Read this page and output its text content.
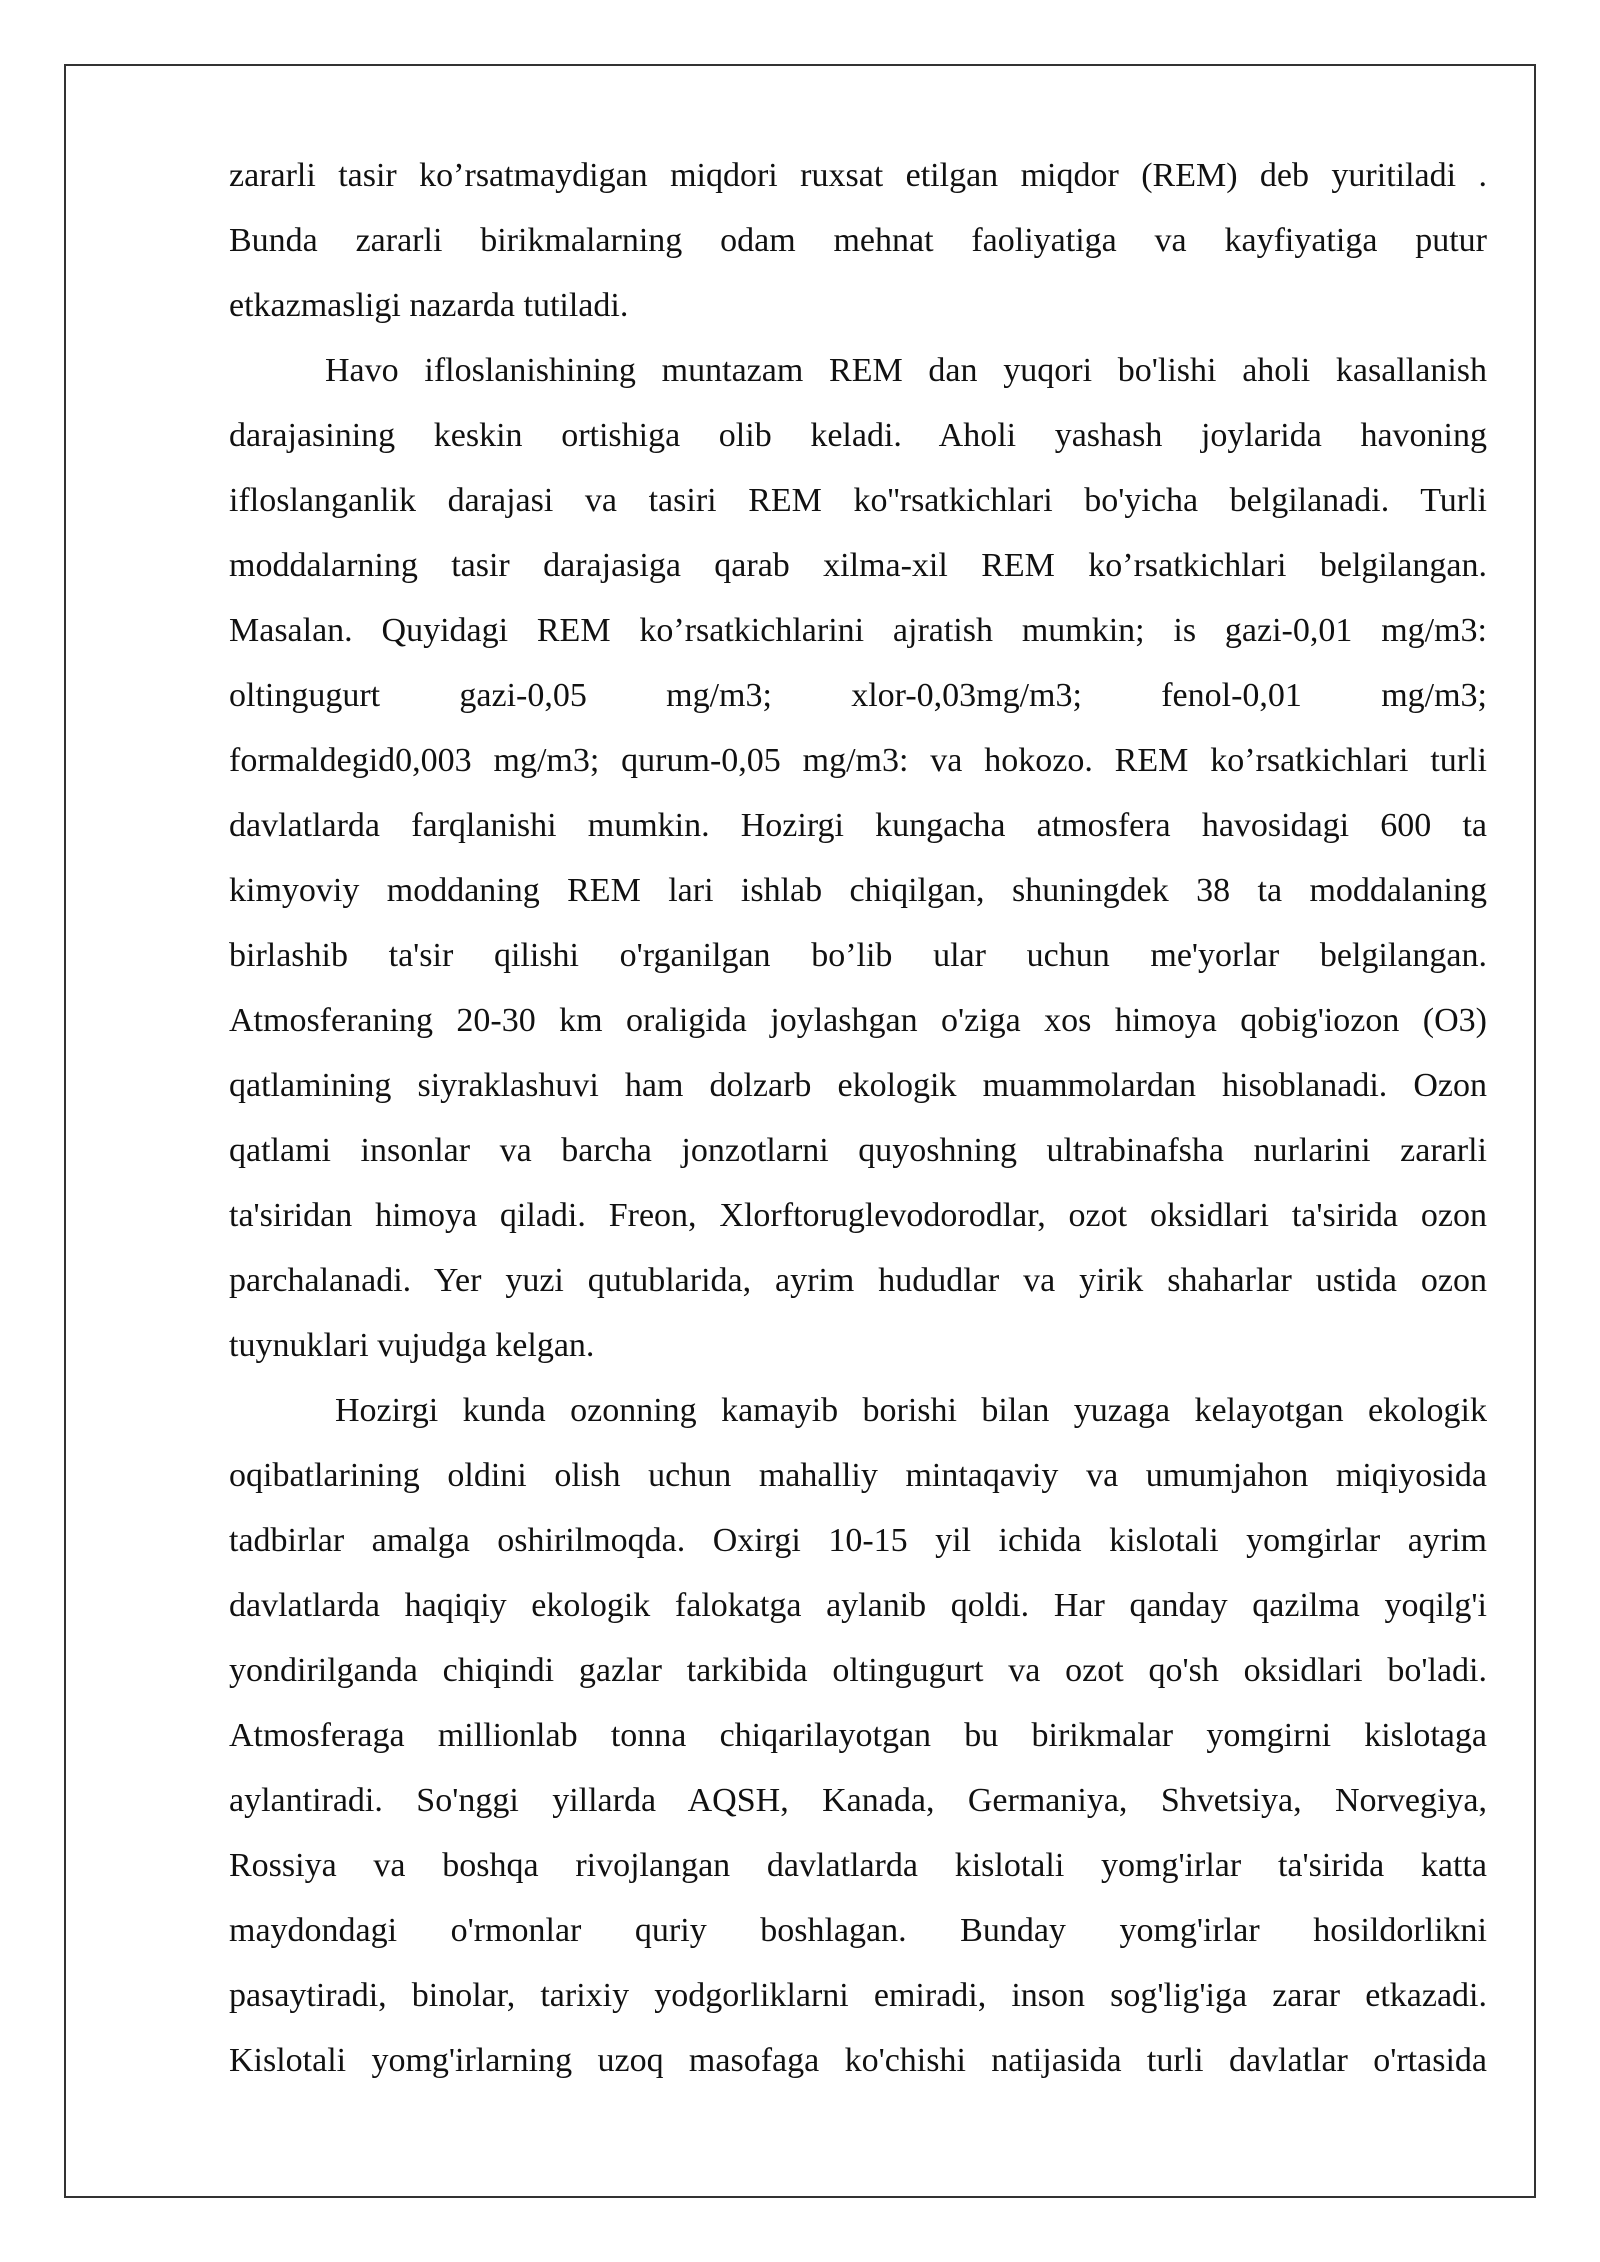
zararli tasir ko’rsatmaydigan miqdori ruxsat etilgan miqdor (REM) deb yuritiladi .
Bunda zararli birikmalarning odam mehnat faoliyatiga va kayfiyatiga putur
etkazmasligi nazarda tutiladi.
Havo ifloslanishining muntazam REM dan yuqori bo'lishi aholi kasallanish
darajasining keskin ortishiga olib keladi. Aholi yashash joylarida havoning
ifloslanganlik darajasi va tasiri REM ko''rsatkichlari bo'yicha belgilanadi. Turli
moddalarning tasir darajasiga qarab xilma-xil REM ko’rsatkichlari belgilangan.
Masalan. Quyidagi REM ko’rsatkichlarini ajratish mumkin; is gazi-0,01 mg/m3:
oltingugurt gazi-0,05 mg/m3; xlor-0,03mg/m3; fenol-0,01 mg/m3;
formaldegid0,003 mg/m3; qurum-0,05 mg/m3: va hokozo. REM ko’rsatkichlari turli
davlatlarda farqlanishi mumkin. Hozirgi kungacha atmosfera havosidagi 600 ta
kimyoviy moddaning REM lari ishlab chiqilgan, shuningdek 38 ta moddalaning
birlashib ta'sir qilishi o'rganilgan bo’lib ular uchun me'yorlar belgilangan.
Atmosferaning 20-30 km oraligida joylashgan o'ziga xos himoya qobig'iozon (O3)
qatlamining siyraklashuvi ham dolzarb ekologik muammolardan hisoblanadi. Ozon
qatlami insonlar va barcha jonzotlarni quyoshning ultrabinafsha nurlarini zararli
ta'siridan himoya qiladi. Freon, Xlorftoruglevodorodlar, ozot oksidlari ta'sirida ozon
parchalanadi. Yer yuzi qutublarida, ayrim hududlar va yirik shaharlar ustida ozon
tuynuklari vujudga kelgan.
Hozirgi kunda ozonning kamayib borishi bilan yuzaga kelayotgan ekologik
oqibatlarining oldini olish uchun mahalliy mintaqaviy va umumjahon miqiyosida
tadbirlar amalga oshirilmoqda. Oxirgi 10-15 yil ichida kislotali yomgirlar ayrim
davlatlarda haqiqiy ekologik falokatga aylanib qoldi. Har qanday qazilma yoqilg'i
yondirilganda chiqindi gazlar tarkibida oltingugurt va ozot qo'sh oksidlari bo'ladi.
Atmosferaga millionlab tonna chiqarilayotgan bu birikmalar yomgirni kislotaga
aylantiradi. So'nggi yillarda AQSH, Kanada, Germaniya, Shvetsiya, Norvegiya,
Rossiya va boshqa rivojlangan davlatlarda kislotali yomg'irlar ta'sirida katta
maydondagi o'rmonlar quriy boshlagan. Bunday yomg'irlar hosildorlikni
pasaytiradi, binolar, tarixiy yodgorliklarni emiradi, inson sog'lig'iga zarar etkazadi.
Kislotali yomg'irlarning uzoq masofaga ko'chishi natijasida turli davlatlar o'rtasida
